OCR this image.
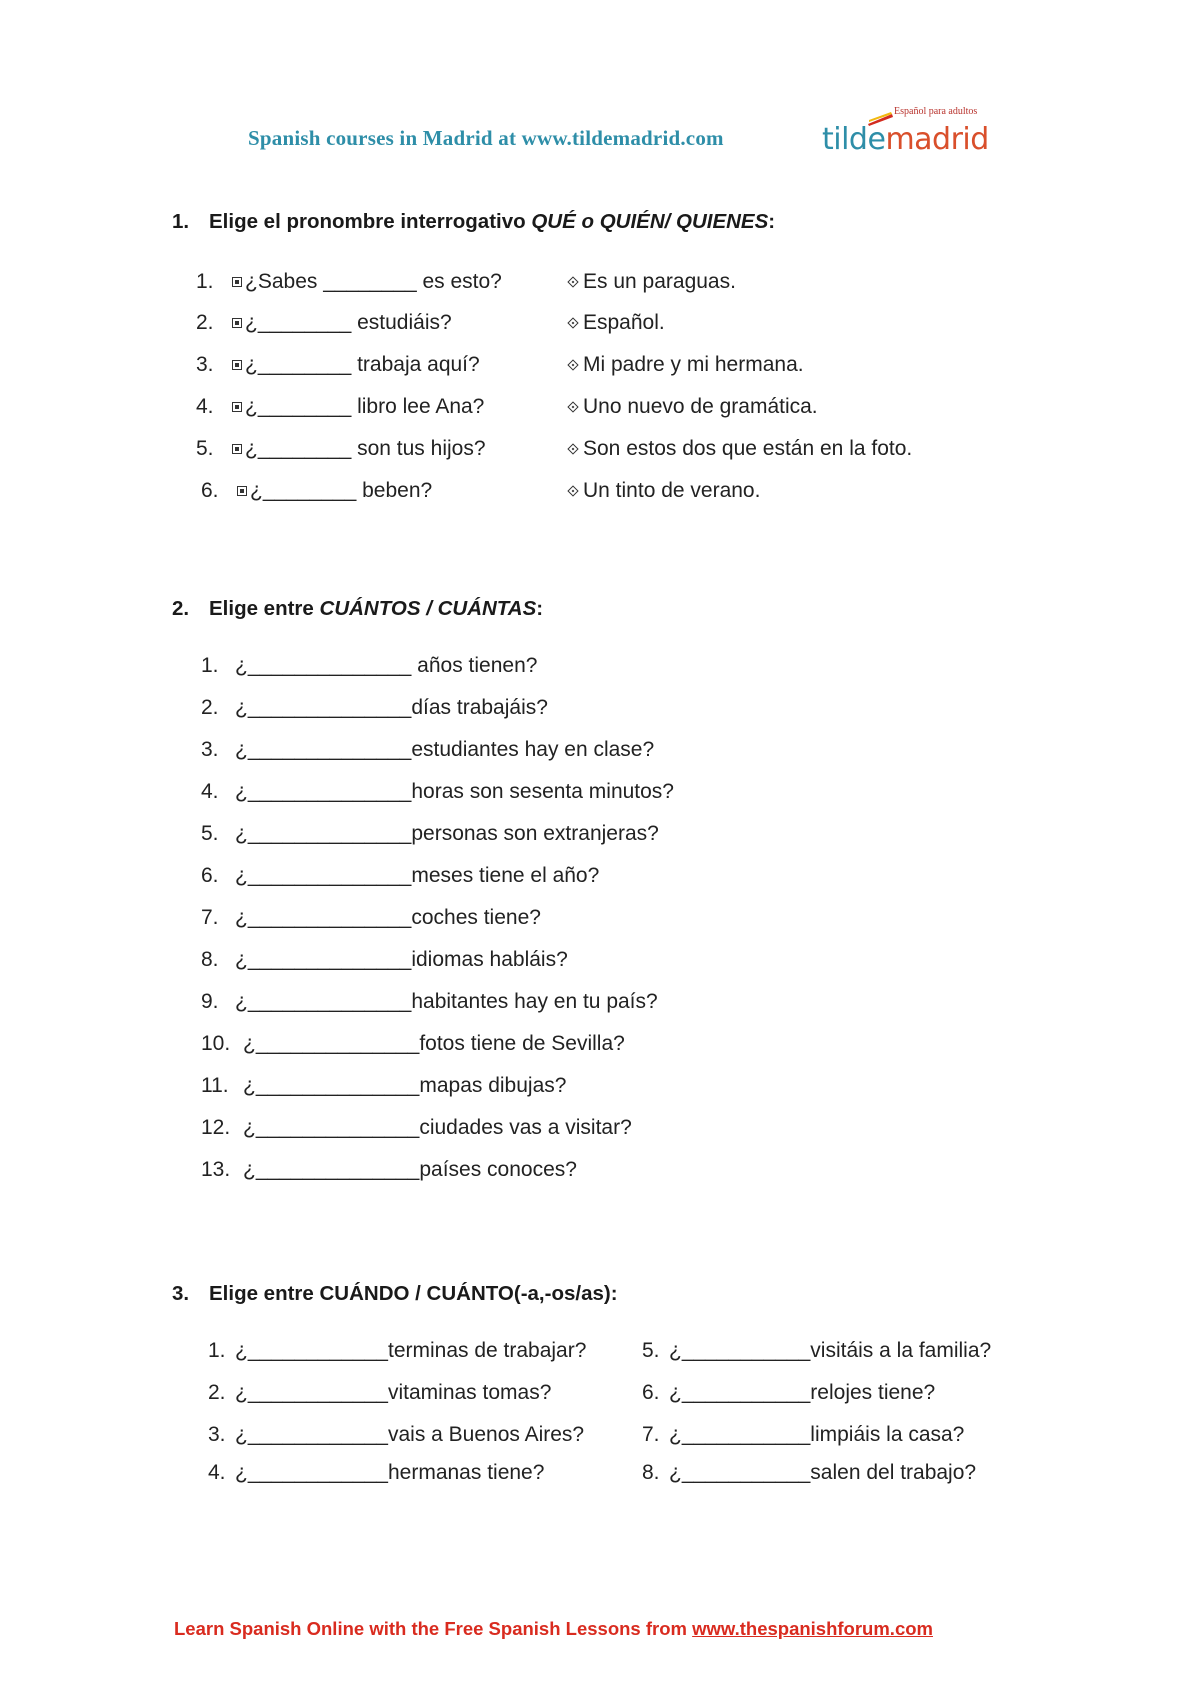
Spanish courses in Madrid at www.tildemadrid.com
Español para adultos
tildemadrid
1. Elige el pronombre interrogativo QUÉ o QUIÉN/ QUIENES:
1. ¿Sabes ________ es esto?	Es un paraguas.
2. ¿________ estudiáis?	Español.
3. ¿________ trabaja aquí?	Mi padre y mi hermana.
4. ¿________ libro lee Ana?	Uno nuevo de gramática.
5. ¿________ son tus hijos?	Son estos dos que están en la foto.
6. ¿________ beben?	Un tinto de verano.
2. Elige entre CUÁNTOS / CUÁNTAS:
1. ¿______________ años tienen?
2. ¿______________días trabajáis?
3. ¿______________estudiantes hay en clase?
4. ¿______________horas son sesenta minutos?
5. ¿______________personas son extranjeras?
6. ¿______________meses tiene el año?
7. ¿______________coches tiene?
8. ¿______________idiomas habláis?
9. ¿______________habitantes hay en tu país?
10. ¿______________fotos tiene de Sevilla?
11. ¿______________mapas dibujas?
12. ¿______________ciudades vas a visitar?
13. ¿______________países conoces?
3. Elige entre CUÁNDO / CUÁNTO(-a,-os/as):
1. ¿____________terminas de trabajar?
2. ¿____________vitaminas tomas?
3. ¿____________vais a Buenos Aires?
4. ¿____________hermanas tiene?
5. ¿___________visitáis a la familia?
6. ¿___________relojes tiene?
7. ¿___________limpiáis la casa?
8. ¿___________salen del trabajo?
Learn Spanish Online with the Free Spanish Lessons from www.thespanishforum.com
